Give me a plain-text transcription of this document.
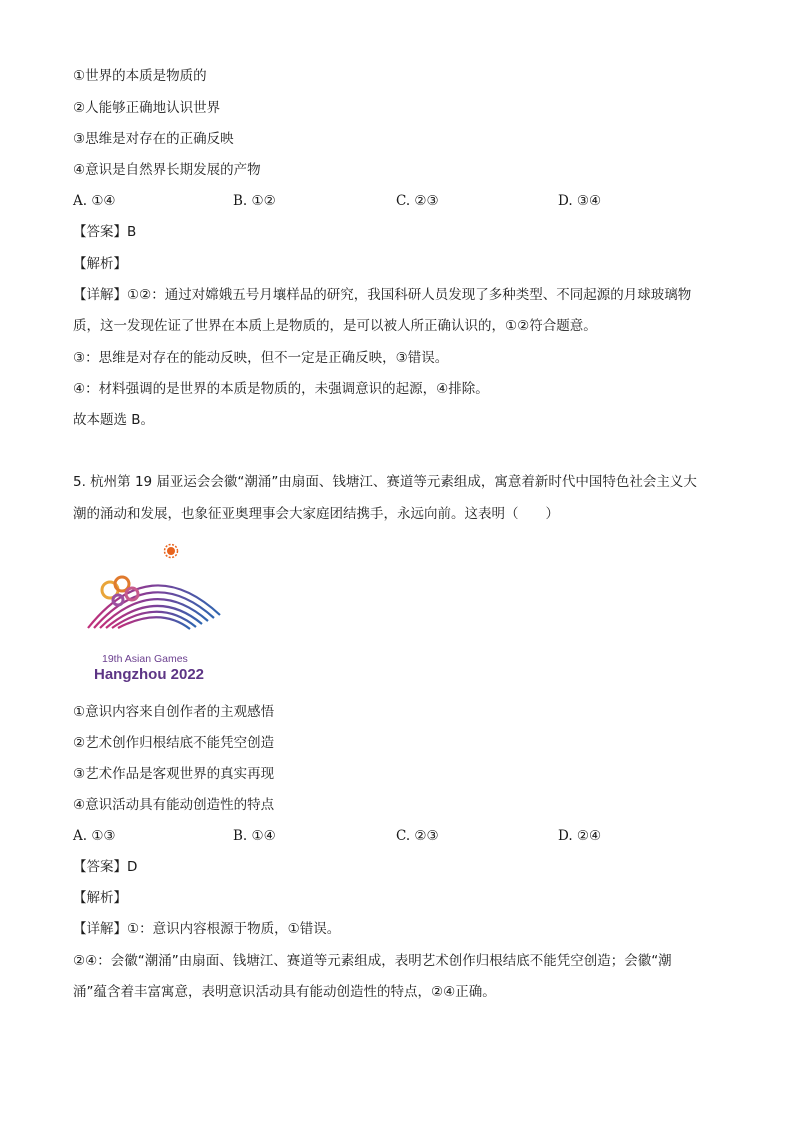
①世界的本质是物质的
②人能够正确地认识世界
③思维是对存在的正确反映
④意识是自然界长期发展的产物
A. ①④	B. ①②	C. ②③	D. ③④
【答案】B
【解析】
【详解】①②：通过对嫦娥五号月壤样品的研究，我国科研人员发现了多种类型、不同起源的月球玻璃物
质，这一发现佐证了世界在本质上是物质的，是可以被人所正确认识的，①②符合题意。
③：思维是对存在的能动反映，但不一定是正确反映，③错误。
④：材料强调的是世界的本质是物质的，未强调意识的起源，④排除。
故本题选 B。
5. 杭州第 19 届亚运会会徽“潮涌”由扇面、钱塘江、赛道等元素组成，寓意着新时代中国特色社会主义大
潮的涌动和发展，也象征亚奥理事会大家庭团结携手，永远向前。这表明（　　）
19th Asian Games
Hangzhou 2022
①意识内容来自创作者的主观感悟
②艺术创作归根结底不能凭空创造
③艺术作品是客观世界的真实再现
④意识活动具有能动创造性的特点
A. ①③	B. ①④	C. ②③	D. ②④
【答案】D
【解析】
【详解】①：意识内容根源于物质，①错误。
②④：会徽“潮涌”由扇面、钱塘江、赛道等元素组成，表明艺术创作归根结底不能凭空创造；会徽“潮
涌”蕴含着丰富寓意，表明意识活动具有能动创造性的特点，②④正确。
